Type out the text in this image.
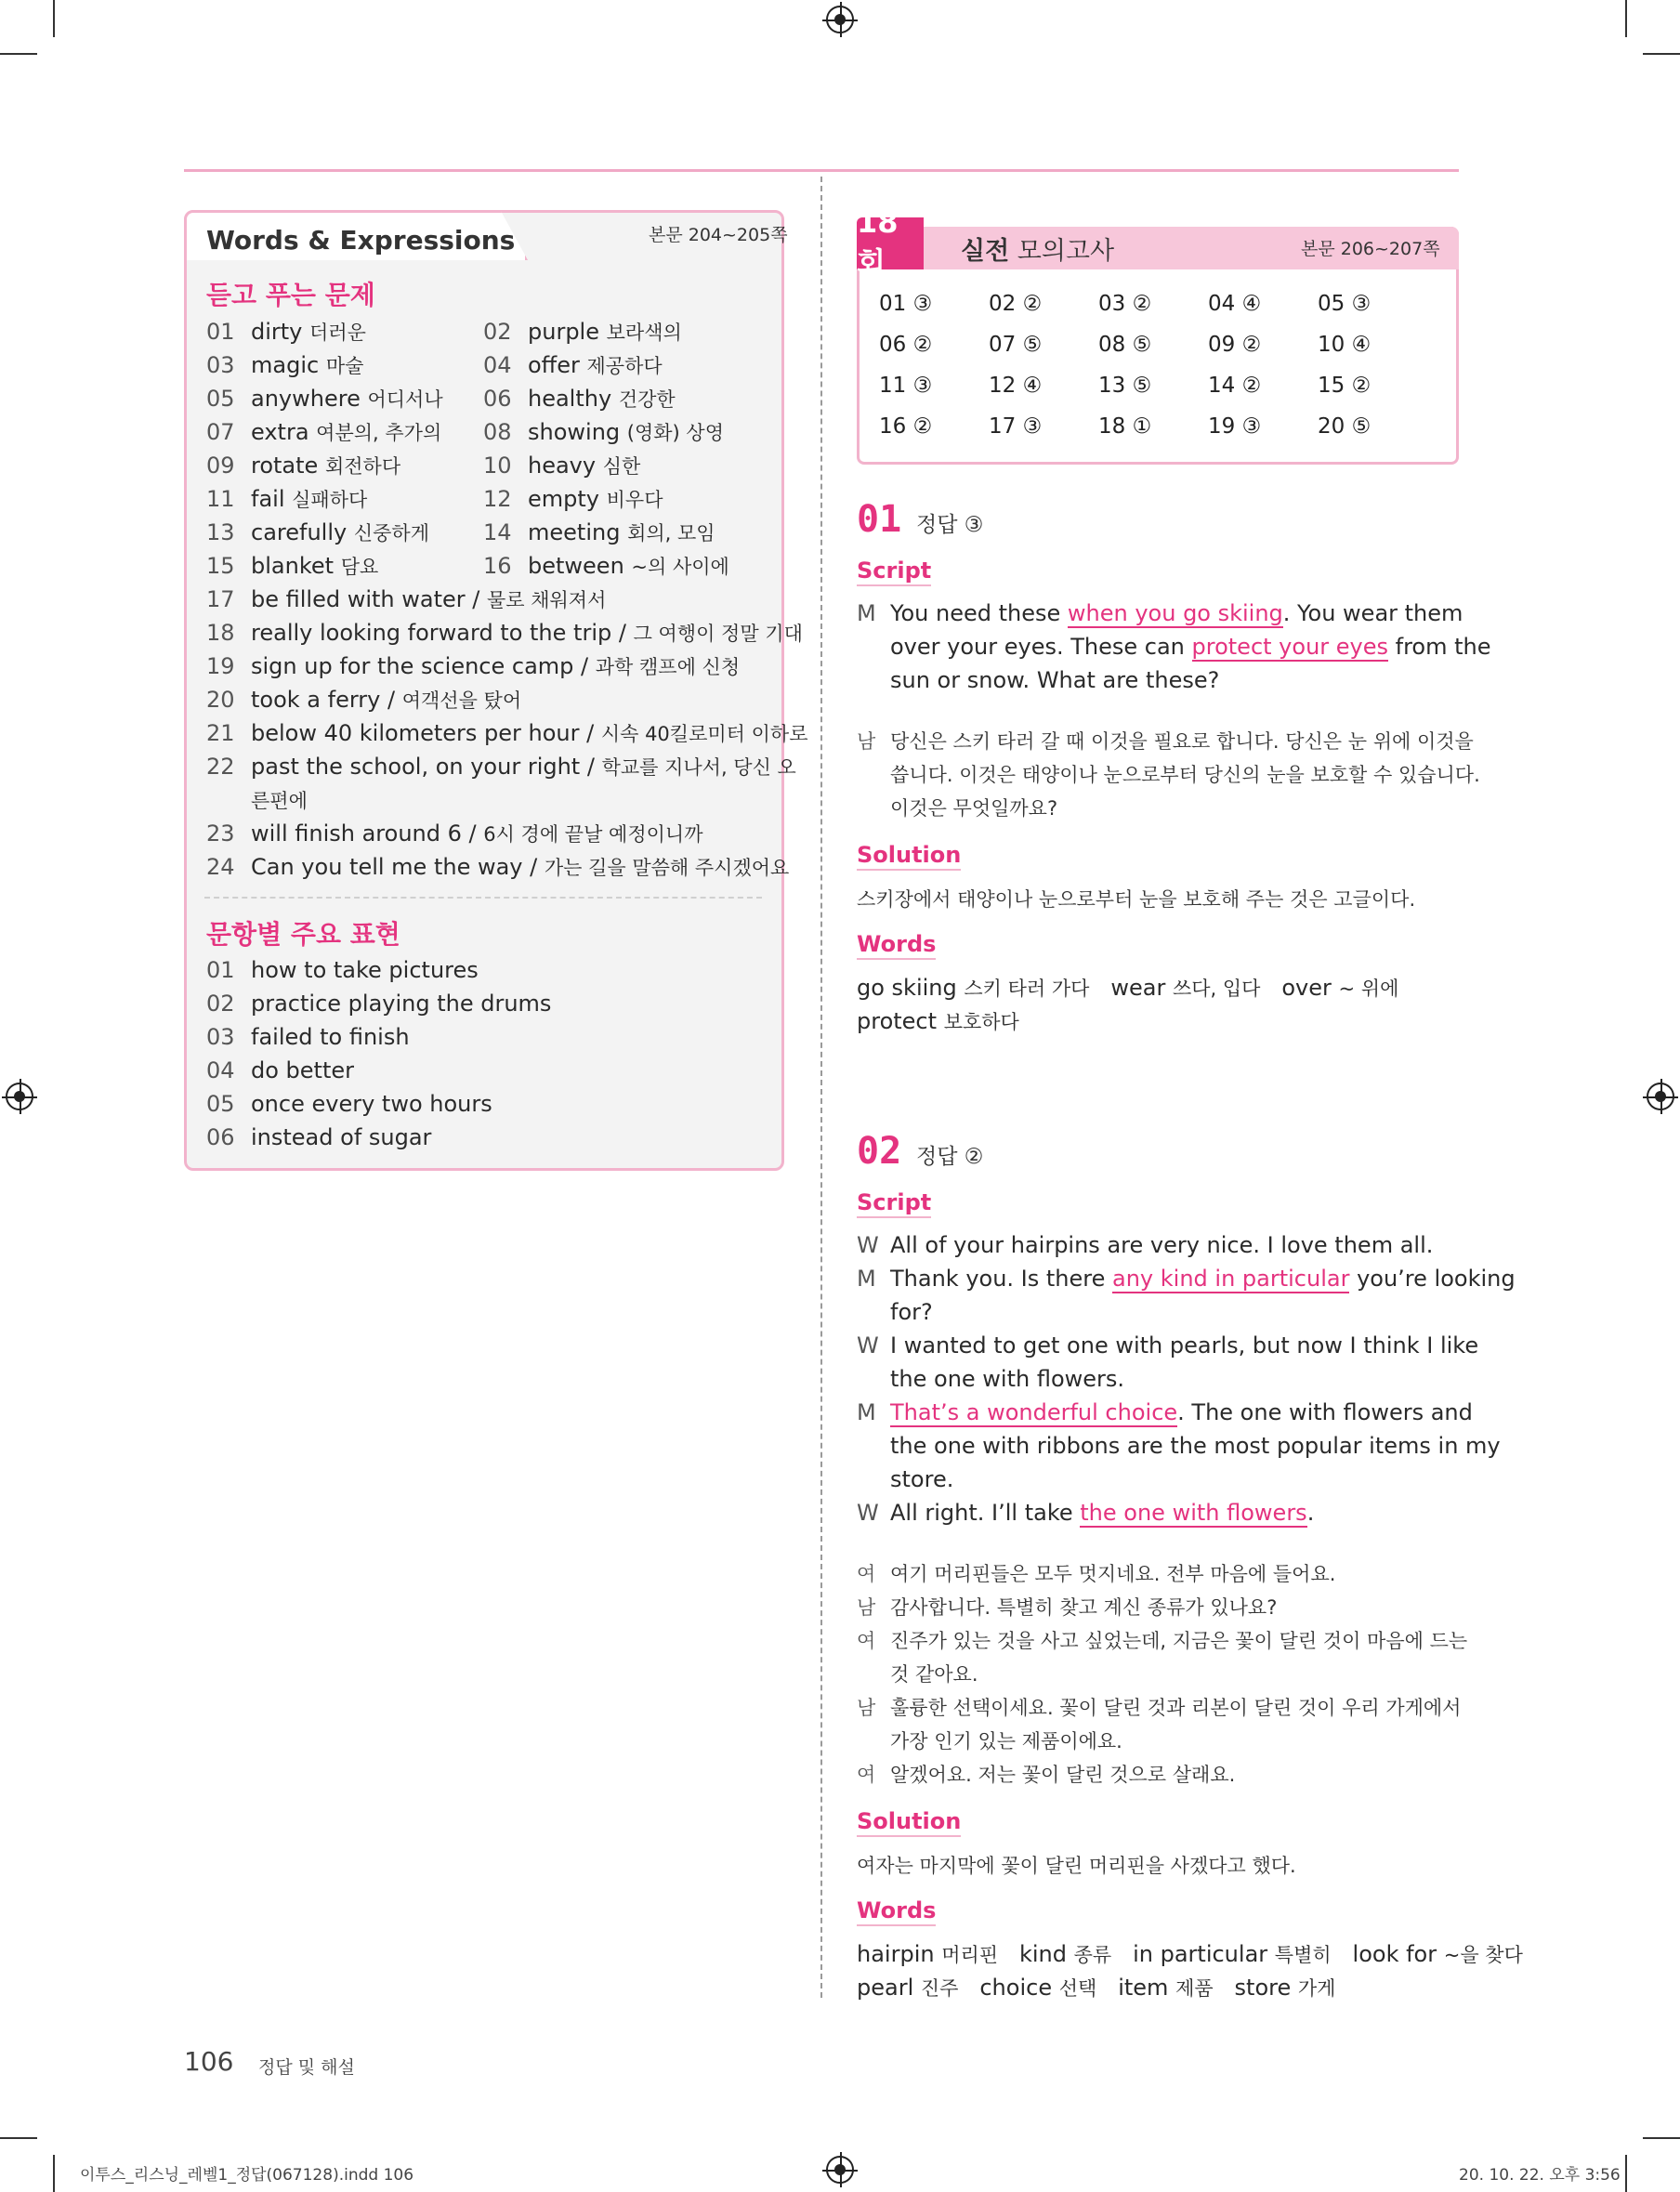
Words & Expressions	본문 204~205쪽
듣고 푸는 문제
01 dirty 더러운	02 purple 보라색의
03 magic 마술	04 offer 제공하다
05 anywhere 어디서나 06 healthy 건강한
07 extra 여분의, 추가의 08 showing (영화) 상영
09 rotate 회전하다	10 heavy 심한
11 fail 실패하다	12 empty 비우다
13 carefully 신중하게 14 meeting 회의, 모임
15 blanket 담요	16 between ~의 사이에
17 be filled with water / 물로 채워져서
18 really looking forward to the trip / 그 여행이 정말 기대
19 sign up for the science camp / 과학 캠프에 신청
20 took a ferry / 여객선을 탔어
21 below 40 kilometers per hour / 시속 40킬로미터 이하로
22 past the school, on your right / 학교를 지나서, 당신 오
른편에
23 will finish around 6 / 6시 경에 끝날 예정이니까
24 Can you tell me the way / 가는 길을 말씀해 주시겠어요
문항별 주요 표현
01 how to take pictures
02 practice playing the drums
03 failed to finish
04 do better
05 once every two hours
06 instead of sugar
18회	실전 모의고사	본문 206~207쪽
01 ③	02 ②	03 ②	04 ④	05 ③
06 ②	07 ⑤	08 ⑤	09 ②	10 ④
11 ③	12 ④	13 ⑤	14 ②	15 ②
16 ②	17 ③	18 ①	19 ③	20 ⑤
01 정답 ③
Script
M You need these when you go skiing. You wear them
over your eyes. These can protect your eyes from the
sun or snow. What are these?
남 당신은 스키 타러 갈 때 이것을 필요로 합니다. 당신은 눈 위에 이것을
씁니다. 이것은 태양이나 눈으로부터 당신의 눈을 보호할 수 있습니다.
이것은 무엇일까요?
Solution
스키장에서 태양이나 눈으로부터 눈을 보호해 주는 것은 고글이다.
Words
go skiing 스키 타러 가다 wear 쓰다, 입다 over ~ 위에
protect 보호하다
02 정답 ②
Script
W All of your hairpins are very nice. I love them all.
M Thank you. Is there any kind in particular you’re looking
for?
W I wanted to get one with pearls, but now I think I like
the one with flowers.
M That’s a wonderful choice. The one with flowers and
the one with ribbons are the most popular items in my
store.
W All right. I’ll take the one with flowers.
여 여기 머리핀들은 모두 멋지네요. 전부 마음에 들어요.
남 감사합니다. 특별히 찾고 계신 종류가 있나요?
여 진주가 있는 것을 사고 싶었는데, 지금은 꽃이 달린 것이 마음에 드는
것 같아요.
남 훌륭한 선택이세요. 꽃이 달린 것과 리본이 달린 것이 우리 가게에서
가장 인기 있는 제품이에요.
여 알겠어요. 저는 꽃이 달린 것으로 살래요.
Solution
여자는 마지막에 꽃이 달린 머리핀을 사겠다고 했다.
Words
hairpin 머리핀 kind 종류 in particular 특별히 look for ~을 찾다
pearl 진주 choice 선택 item 제품 store 가게
106 정답 및 해설
이투스_리스닝_레벨1_정답(067128).indd 106	20. 10. 22. 오후 3:56
